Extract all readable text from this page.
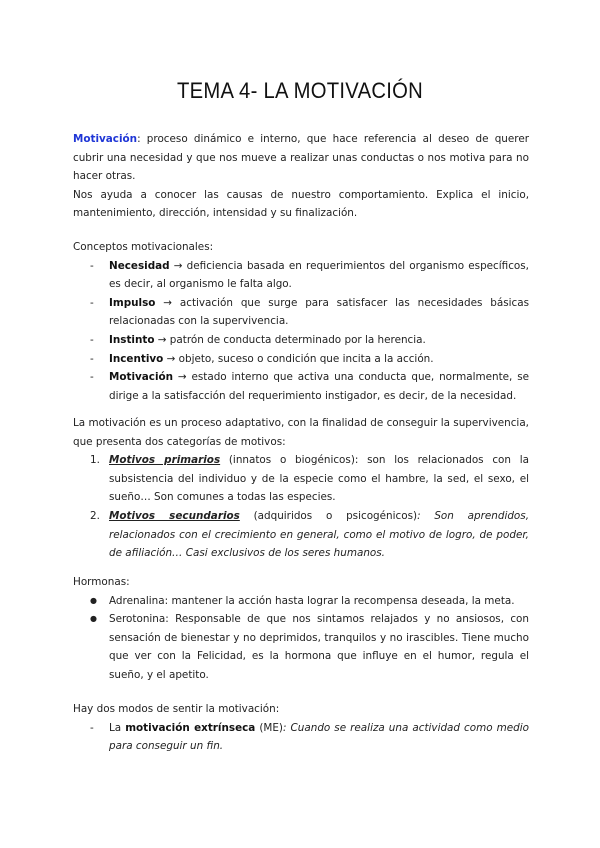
TEMA 4- LA MOTIVACIÓN
Motivación: proceso dinámico e interno, que hace referencia al deseo de querer cubrir una necesidad y que nos mueve a realizar unas conductas o nos motiva para no hacer otras.
Nos ayuda a conocer las causas de nuestro comportamiento. Explica el inicio, mantenimiento, dirección, intensidad y su finalización.
Conceptos motivacionales:
-	Necesidad → deficiencia basada en requerimientos del organismo específicos, es decir, al organismo le falta algo.
-	Impulso → activación que surge para satisfacer las necesidades básicas relacionadas con la supervivencia.
-	Instinto → patrón de conducta determinado por la herencia.
-	Incentivo → objeto, suceso o condición que incita a la acción.
-	Motivación → estado interno que activa una conducta que, normalmente, se dirige a la satisfacción del requerimiento instigador, es decir, de la necesidad.
La motivación es un proceso adaptativo, con la finalidad de conseguir la supervivencia, que presenta dos categorías de motivos:
1. Motivos primarios (innatos o biogénicos): son los relacionados con la subsistencia del individuo y de la especie como el hambre, la sed, el sexo, el sueño… Son comunes a todas las especies.
2. Motivos secundarios (adquiridos o psicogénicos): Son aprendidos, relacionados con el crecimiento en general, como el motivo de logro, de poder, de afiliación… Casi exclusivos de los seres humanos.
Hormonas:
●	Adrenalina: mantener la acción hasta lograr la recompensa deseada, la meta.
●	Serotonina: Responsable de que nos sintamos relajados y no ansiosos, con sensación de bienestar y no deprimidos, tranquilos y no irascibles. Tiene mucho que ver con la Felicidad, es la hormona que influye en el humor, regula el sueño, y el apetito.
Hay dos modos de sentir la motivación:
-	La motivación extrínseca (ME): Cuando se realiza una actividad como medio para conseguir un fin.
